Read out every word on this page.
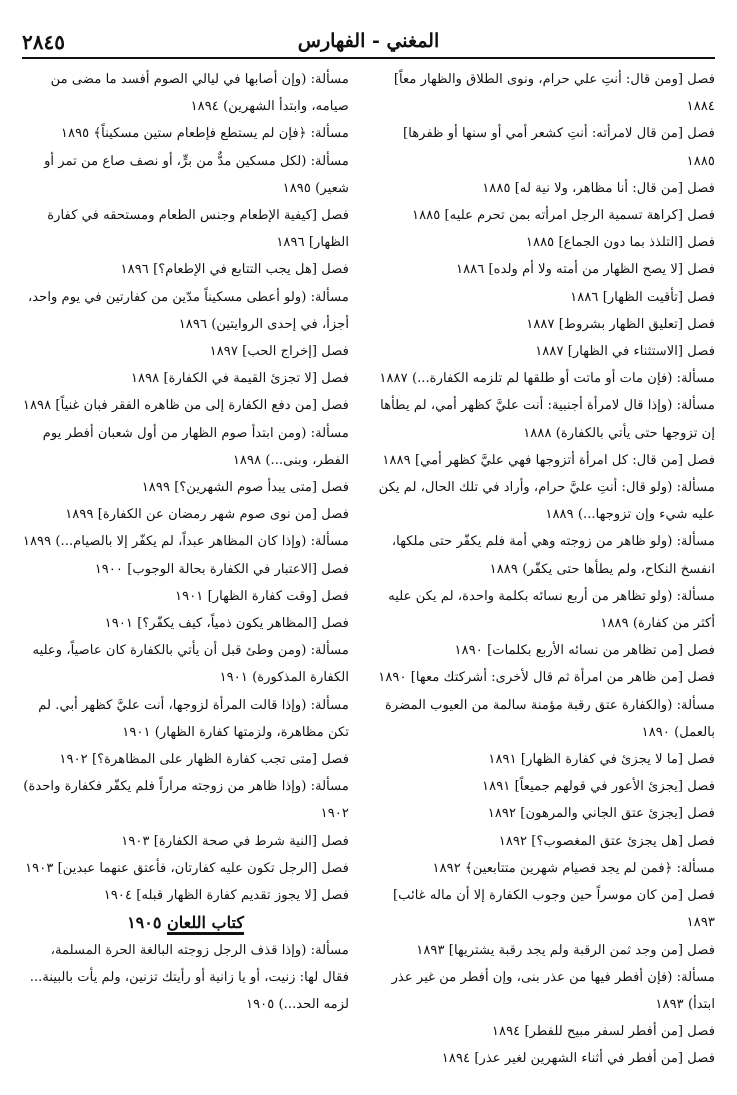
المغني - الفهارس
٢٨٤٥
فصل [ومن قال: أنتِ علي حرام، ونوى الطلاق والظهار معاً] ١٨٨٤
فصل [من قال لامرأته: أنتِ كشعر أمي أو سنها أو ظفرها] ١٨٨٥
فصل [من قال: أنا مظاهر، ولا نية له] ١٨٨٥
فصل [كراهة تسمية الرجل امرأته بمن تحرم عليه] ١٨٨٥
فصل [التلذذ بما دون الجماع] ١٨٨٥
فصل [لا يصح الظهار من أمته ولا أم ولده] ١٨٨٦
فصل [تأقيت الظهار] ١٨٨٦
فصل [تعليق الظهار بشروط] ١٨٨٧
فصل [الاستثناء في الظهار] ١٨٨٧
مسألة: (فإن مات أو ماتت أو طلقها لم تلزمه الكفارة...) ١٨٨٧
مسألة: (وإذا قال لامرأة أجنبية: أنت عليَّ كظهر أمي، لم يطأها إن تزوجها حتى يأتي بالكفارة) ١٨٨٨
فصل [من قال: كل امرأة أتزوجها فهي عليَّ كظهر أمي] ١٨٨٩
مسألة: (ولو قال: أنتِ عليَّ حرام، وأراد في تلك الحال، لم يكن عليه شيء وإن تزوجها...) ١٨٨٩
مسألة: (ولو ظاهر من زوجته وهي أمة فلم يكفّر حتى ملكها، انفسخ النكاح، ولم يطأها حتى يكفّر) ١٨٨٩
مسألة: (ولو تظاهر من أربع نسائه بكلمة واحدة، لم يكن عليه أكثر من كفارة) ١٨٨٩
فصل [من تظاهر من نسائه الأربع بكلمات] ١٨٩٠
فصل [من ظاهر من امرأة ثم قال لأخرى: أشركتك معها] ١٨٩٠
مسألة: (والكفارة عتق رقبة مؤمنة سالمة من العيوب المضرة بالعمل) ١٨٩٠
فصل [ما لا يجزئ في كفارة الظهار] ١٨٩١
فصل [يجزئ الأعور في قولهم جميعاً] ١٨٩١
فصل [يجزئ عتق الجاني والمرهون] ١٨٩٢
فصل [هل يجزئ عتق المغصوب؟] ١٨٩٢
مسألة: ﴿فمن لم يجد فصيام شهرين متتابعين﴾ ١٨٩٢
فصل [من كان موسراً حين وجوب الكفارة إلا أن ماله غائب] ١٨٩٣
فصل [من وجد ثمن الرقبة ولم يجد رقبة يشتريها] ١٨٩٣
مسألة: (فإن أفطر فيها من عذر بنى، وإن أفطر من غير عذر ابتدأ) ١٨٩٣
فصل [من أفطر لسفر مبيح للفطر] ١٨٩٤
فصل [من أفطر في أثناء الشهرين لغير عذر] ١٨٩٤
مسألة: (وإن أصابها في ليالي الصوم أفسد ما مضى من صيامه، وابتدأ الشهرين) ١٨٩٤
مسألة: ﴿فإن لم يستطع فإطعام ستين مسكيناً﴾ ١٨٩٥
مسألة: (لكل مسكين مدٌّ من برٍّ، أو نصف صاع من تمر أو شعير) ١٨٩٥
فصل [كيفية الإطعام وجنس الطعام ومستحقه في كفارة الظهار] ١٨٩٦
فصل [هل يجب التتابع في الإطعام؟] ١٨٩٦
مسألة: (ولو أعطى مسكيناً مدّين من كفارتين في يوم واحد، أجزأ، في إحدى الروايتين) ١٨٩٦
فصل [إخراج الحب] ١٨٩٧
فصل [لا تجزئ القيمة في الكفارة] ١٨٩٨
فصل [من دفع الكفارة إلى من ظاهره الفقر فبان غنياً] ١٨٩٨
مسألة: (ومن ابتدأ صوم الظهار من أول شعبان أفطر يوم الفطر، وبنى...) ١٨٩٨
فصل [متى يبدأ صوم الشهرين؟] ١٨٩٩
فصل [من نوى صوم شهر رمضان عن الكفارة] ١٨٩٩
مسألة: (وإذا كان المظاهر عبداً، لم يكفّر إلا بالصيام...) ١٨٩٩
فصل [الاعتبار في الكفارة بحالة الوجوب] ١٩٠٠
فصل [وقت كفارة الظهار] ١٩٠١
فصل [المظاهر يكون ذمياً، كيف يكفّر؟] ١٩٠١
مسألة: (ومن وطئ قبل أن يأتي بالكفارة كان عاصياً، وعليه الكفارة المذكورة) ١٩٠١
مسألة: (وإذا قالت المرأة لزوجها، أنت عليَّ كظهر أبي. لم تكن مظاهرة، ولزمتها كفارة الظهار) ١٩٠١
فصل [متى تجب كفارة الظهار على المظاهرة؟] ١٩٠٢
مسألة: (وإذا ظاهر من زوجته مراراً فلم يكفّر فكفارة واحدة) ١٩٠٢
فصل [النية شرط في صحة الكفارة] ١٩٠٣
فصل [الرجل تكون عليه كفارتان، فأعتق عنهما عبدين] ١٩٠٣
فصل [لا يجوز تقديم كفارة الظهار قبله] ١٩٠٤
كتاب اللعان ١٩٠٥
مسألة: (وإذا قذف الرجل زوجته البالغة الحرة المسلمة، فقال لها: زنيت، أو يا زانية أو رأيتك تزنين، ولم يأت بالبينة... لزمه الحد...) ١٩٠٥
